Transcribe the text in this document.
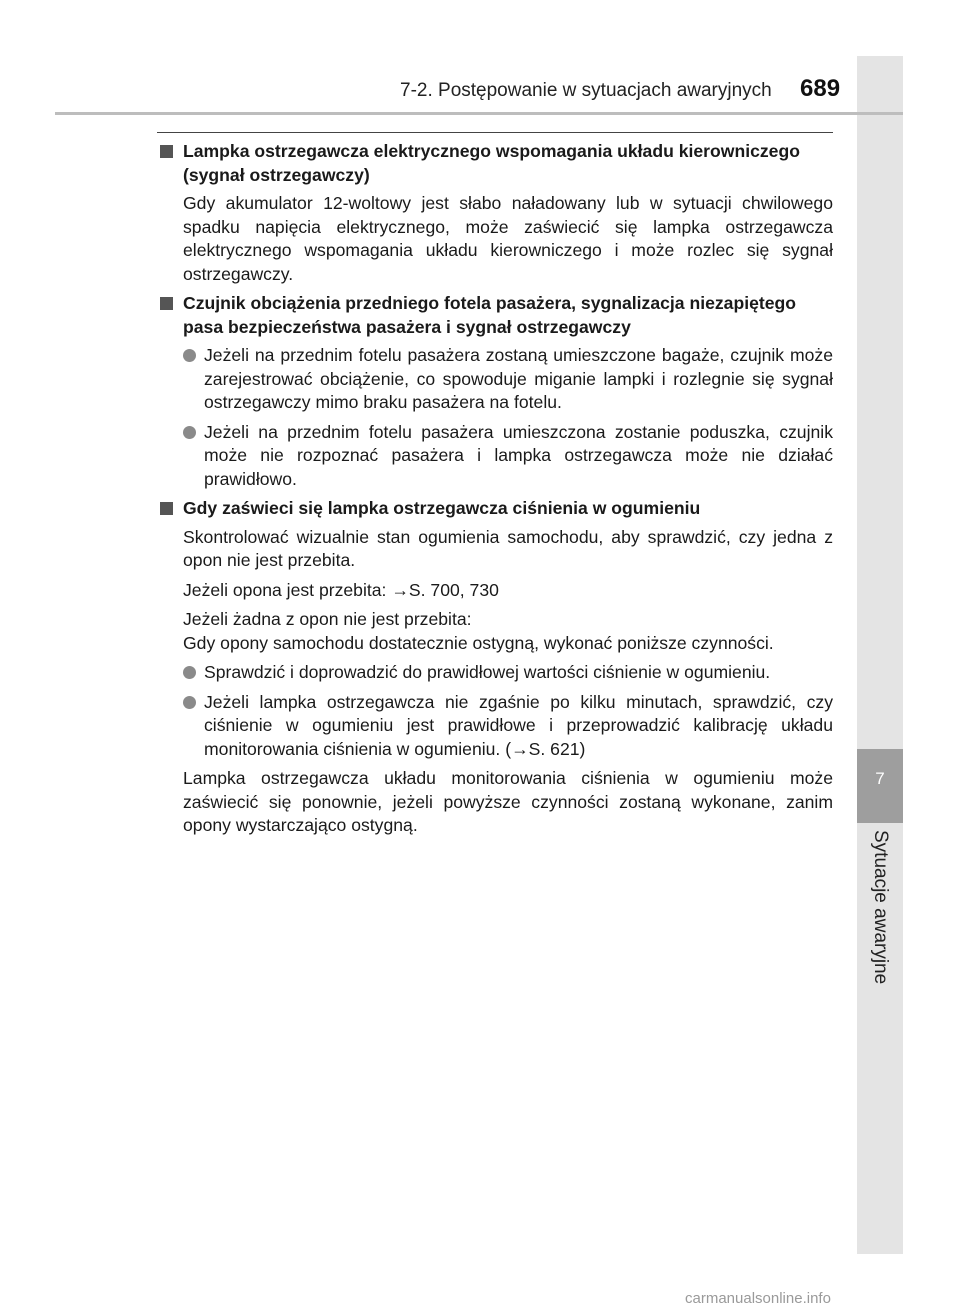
7
Sytuacje awaryjne
7-2. Postępowanie w sytuacjach awaryjnych 689
Lampka ostrzegawcza elektrycznego wspomagania układu kierowniczego (sygnał ostrzegawczy)

Gdy akumulator 12-woltowy jest słabo naładowany lub w sytuacji chwilowego spadku napięcia elektrycznego, może zaświecić się lampka ostrzegawcza elektrycznego wspomagania układu kierowniczego i może rozlec się sygnał ostrzegawczy.

Czujnik obciążenia przedniego fotela pasażera, sygnalizacja niezapiętego pasa bezpieczeństwa pasażera i sygnał ostrzegawczy
Jeżeli na przednim fotelu pasażera zostaną umieszczone bagaże, czujnik może zarejestrować obciążenie, co spowoduje miganie lampki i rozlegnie się sygnał ostrzegawczy mimo braku pasażera na fotelu.
Jeżeli na przednim fotelu pasażera umieszczona zostanie poduszka, czujnik może nie rozpoznać pasażera i lampka ostrzegawcza może nie działać prawidłowo.
Gdy zaświeci się lampka ostrzegawcza ciśnienia w ogumieniu

Skontrolować wizualnie stan ogumienia samochodu, aby sprawdzić, czy jedna z opon nie jest przebita.

Jeżeli opona jest przebita: →S. 700, 730

Jeżeli żadna z opon nie jest przebita:

Gdy opony samochodu dostatecznie ostygną, wykonać poniższe czynności.

Sprawdzić i doprowadzić do prawidłowej wartości ciśnienie w ogumieniu.
Jeżeli lampka ostrzegawcza nie zgaśnie po kilku minutach, sprawdzić, czy ciśnienie w ogumieniu jest prawidłowe i przeprowadzić kalibrację układu monitorowania ciśnienia w ogumieniu. (→S. 621)

Lampka ostrzegawcza układu monitorowania ciśnienia w ogumieniu może zaświecić się ponownie, jeżeli powyższe czynności zostaną wykonane, zanim opony wystarczająco ostygną.

carmanualsonline.info
